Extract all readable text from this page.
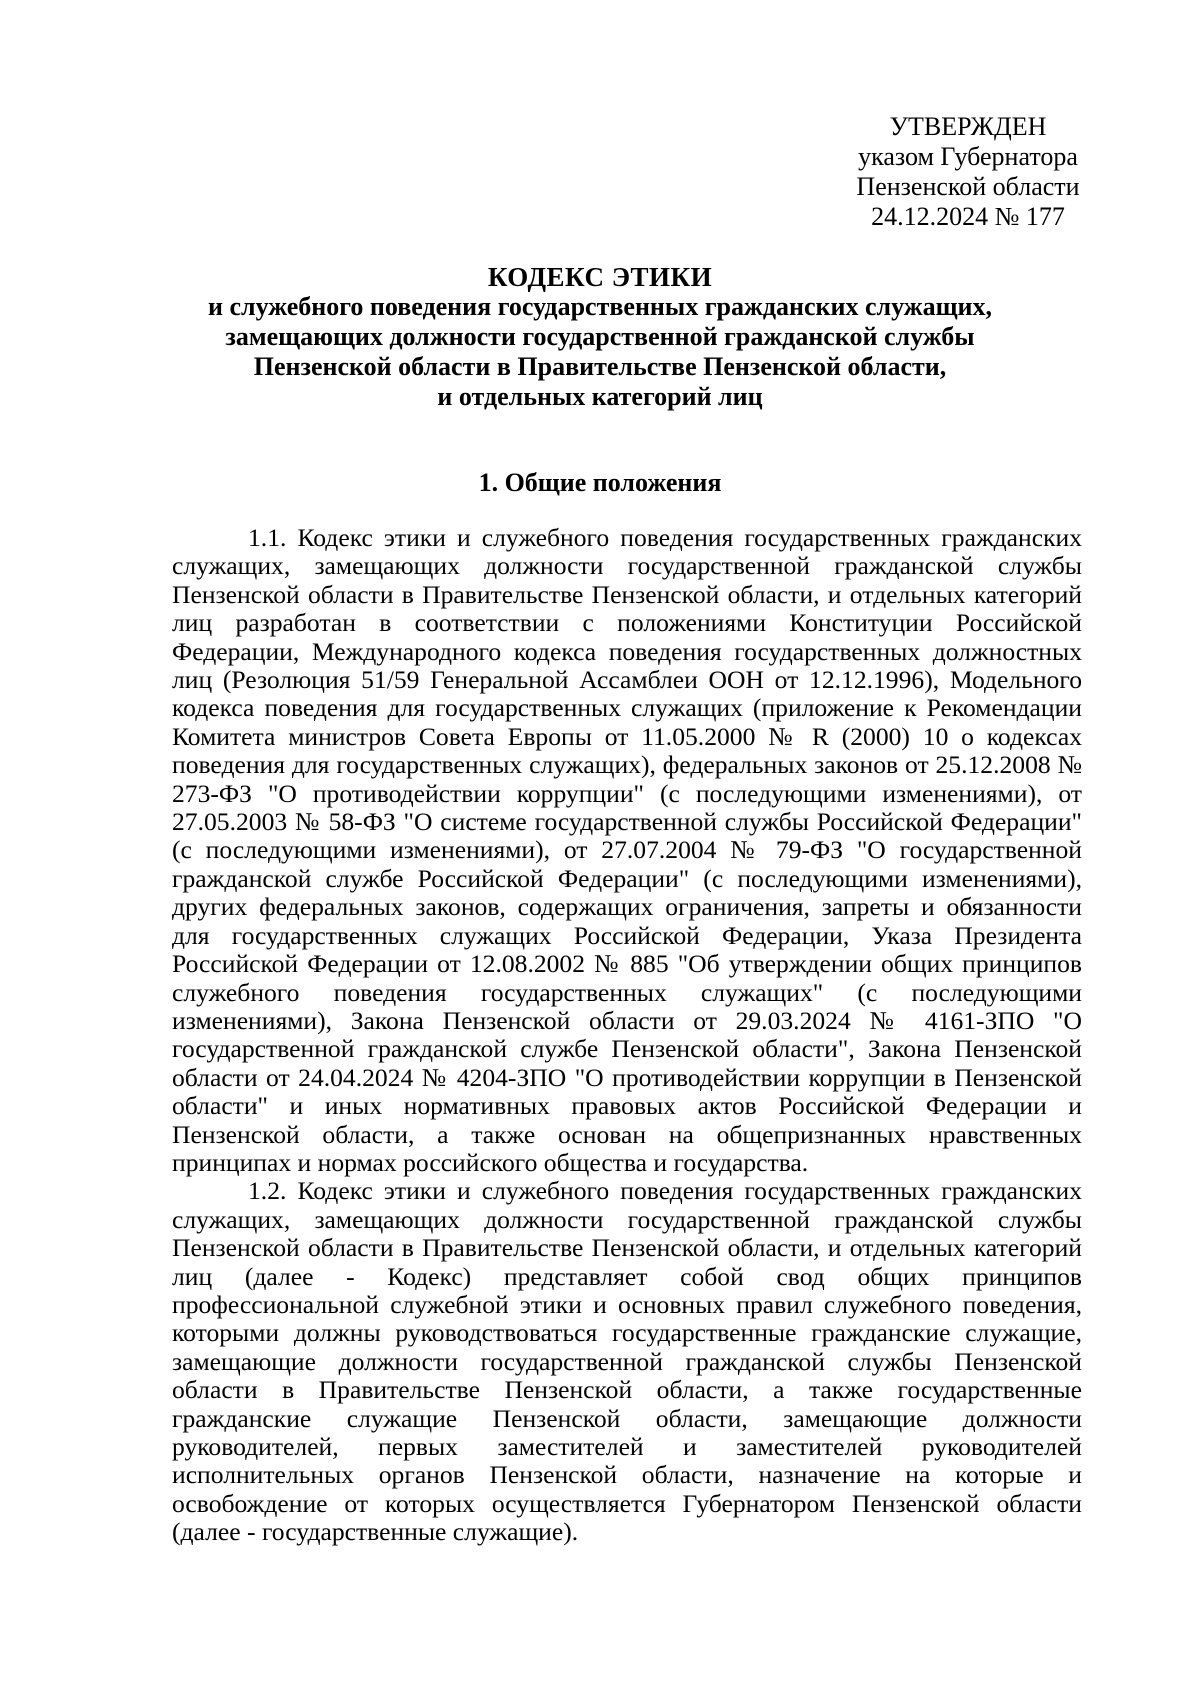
УТВЕРЖДЕН
указом Губернатора
Пензенской области
24.12.2024 № 177
КОДЕКС ЭТИКИ
и служебного поведения государственных гражданских служащих,
замещающих должности государственной гражданской службы
Пензенской области в Правительстве Пензенской области,
и отдельных категорий лиц
1. Общие положения

1.1. Кодекс этики и служебного поведения государственных гражданских служащих, замещающих должности государственной гражданской службы Пензенской области в Правительстве Пензенской области, и отдельных категорий лиц разработан в соответствии с положениями Конституции Российской Федерации, Международного кодекса поведения государственных должностных лиц (Резолюция 51/59 Генеральной Ассамблеи ООН от 12.12.1996), Модельного кодекса поведения для государственных служащих (приложение к Рекомендации Комитета министров Совета Европы от 11.05.2000 № R (2000) 10 о кодексах поведения для государственных служащих), федеральных законов от 25.12.2008 № 273-ФЗ "О противодействии коррупции" (с последующими изменениями), от 27.05.2003 № 58-ФЗ "О системе государственной службы Российской Федерации" (с последующими изменениями), от 27.07.2004 № 79-ФЗ "О государственной гражданской службе Российской Федерации" (с последующими изменениями), других федеральных законов, содержащих ограничения, запреты и обязанности для государственных служащих Российской Федерации, Указа Президента Российской Федерации от 12.08.2002 № 885 "Об утверждении общих принципов служебного поведения государственных служащих" (с последующими изменениями), Закона Пензенской области от 29.03.2024 № 4161-ЗПО "О государственной гражданской службе Пензенской области", Закона Пензенской области от 24.04.2024 № 4204-ЗПО "О противодействии коррупции в Пензенской области" и иных нормативных правовых актов Российской Федерации и Пензенской области, а также основан на общепризнанных нравственных принципах и нормах российского общества и государства.

1.2. Кодекс этики и служебного поведения государственных гражданских служащих, замещающих должности государственной гражданской службы Пензенской области в Правительстве Пензенской области, и отдельных категорий лиц (далее - Кодекс) представляет собой свод общих принципов профессиональной служебной этики и основных правил служебного поведения, которыми должны руководствоваться государственные гражданские служащие, замещающие должности государственной гражданской службы Пензенской области в Правительстве Пензенской области, а также государственные гражданские служащие Пензенской области, замещающие должности руководителей, первых заместителей и заместителей руководителей исполнительных органов Пензенской области, назначение на которые и освобождение от которых осуществляется Губернатором Пензенской области (далее - государственные служащие).
